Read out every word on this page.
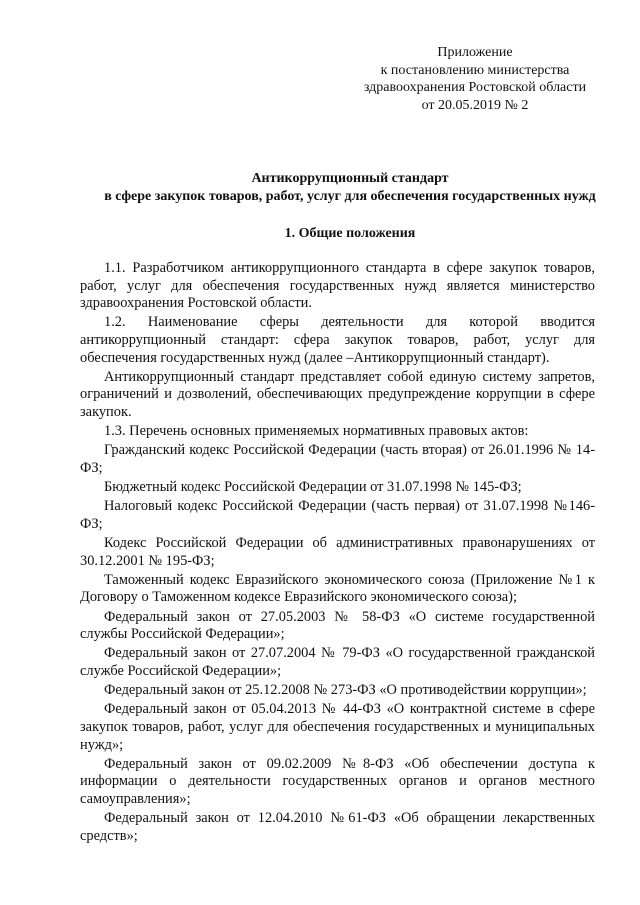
Приложение
к постановлению министерства
здравоохранения Ростовской области
от 20.05.2019 № 2
Антикоррупционный стандарт
в сфере закупок товаров, работ, услуг для обеспечения государственных нужд
1. Общие положения

1.1. Разработчиком антикоррупционного стандарта в сфере закупок товаров, работ, услуг для обеспечения государственных нужд является министерство здравоохранения Ростовской области.

1.2. Наименование сферы деятельности для которой вводится антикоррупционный стандарт: сфера закупок товаров, работ, услуг для обеспечения государственных нужд (далее –Антикоррупционный стандарт).

Антикоррупционный стандарт представляет собой единую систему запретов, ограничений и дозволений, обеспечивающих предупреждение коррупции в сфере закупок.

1.3. Перечень основных применяемых нормативных правовых актов:

Гражданский кодекс Российской Федерации (часть вторая) от 26.01.1996 № 14-ФЗ;

Бюджетный кодекс Российской Федерации от 31.07.1998 № 145-ФЗ;

Налоговый кодекс Российской Федерации (часть первая) от 31.07.1998 №146-ФЗ;

Кодекс Российской Федерации об административных правонарушениях от 30.12.2001 № 195-ФЗ;

Таможенный кодекс Евразийского экономического союза (Приложение №1 к Договору о Таможенном кодексе Евразийского экономического союза);

Федеральный закон от 27.05.2003 № 58-ФЗ «О системе государственной службы Российской Федерации»;

Федеральный закон от 27.07.2004 № 79-ФЗ «О государственной гражданской службе Российской Федерации»;

Федеральный закон от 25.12.2008 № 273-ФЗ «О противодействии коррупции»;

Федеральный закон от 05.04.2013 № 44-ФЗ «О контрактной системе в сфере закупок товаров, работ, услуг для обеспечения государственных и муниципальных нужд»;

Федеральный закон от 09.02.2009 №8-ФЗ «Об обеспечении доступа к информации о деятельности государственных органов и органов местного самоуправления»;

Федеральный закон от 12.04.2010 №61-ФЗ «Об обращении лекарственных средств»;
